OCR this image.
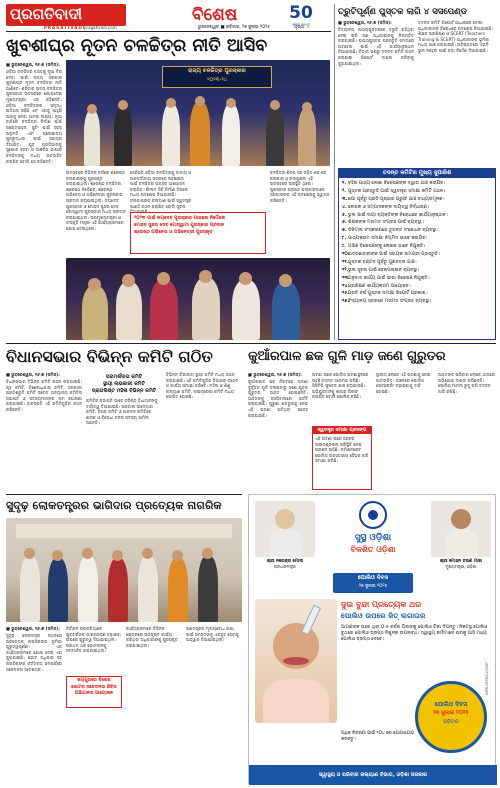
ପ୍ରଗତିବାଦୀ
PRAGATIVADI
pragativadi.com
ବିଶେଷ	50
ସୁବର୍ଣ୍ଣ ଜୟନ୍ତୀ
ଭୁବନେଶ୍ୱର ■ ରବିବାର, ୨୭ ଜୁଲାଇ ୨୦୨୫	ପୃଷ୍ଠା: ୯
ଖୁବଶୀଘ୍ର ନୂତନ ଚଳଚ୍ଚିତ୍ର ନୀତି ଆସିବ

■ ଭୁବନେଶ୍ୱର, ୨୬।୭ (ସମିସ):

ଓଡ଼ିଆ ଚଳଚ୍ଚିତ୍ର ଜଗତକୁ ନୂଆ ଦିଗ ଦେବା ପାଇଁ ରାଜ୍ୟ ସରକାର ଖୁବଶୀଘ୍ର ନୂତନ ଚଳଚ୍ଚିତ୍ର ନୀତି ଆଣିବେ। ଶନିବାର ରାଜ୍ୟ ଚଳଚ୍ଚିତ୍ର ପୁରସ୍କାର ଉତ୍ସବରେ ଯୋଗଦେଇ ମୁଖ୍ୟମନ୍ତ୍ରୀ ଏହା କହିଛନ୍ତି। ଓଡ଼ିଆ ଚଳଚ୍ଚିତ୍ରର ସମୃଦ୍ଧ ଇତିହାସ ରହିଛି ଏବଂ ଏହାକୁ ଆହୁରି ଆଗକୁ ନେବା ଆମର ଲକ୍ଷ୍ୟ। ନୂଆ ନୀତିରେ ଚଳଚ୍ଚିତ୍ର ନିର୍ମାଣ ପାଇଁ ପ୍ରୋତ୍ସାହନ, ସୁଟିଂ ପାଇଁ ସହଜ ଅନୁମତି ଏବଂ ପ୍ରେକ୍ଷାଳୟ ପୁନରୁଦ୍ଧାର ପାଇଁ ସହାୟତା ଦିଆଯିବ। ଯୁବ ପ୍ରତିଭାଙ୍କୁ ସୁଯୋଗ ଦେବା ଓ ଆଞ୍ଚଳିକ ଭାଷାର ଚଳଚ୍ଚିତ୍ରକୁ ମଧ୍ୟ ଉତ୍ସାହିତ କରାଯିବ ବୋଲି ସେ କହିଛନ୍ତି।

ରାଜ୍ୟ ଚଳଚ୍ଚିତ୍ର ପୁରସ୍କାର
୨୦୨୩-୨୪
ଉତ୍ସବରେ ବିଭିନ୍ନ ବର୍ଗରେ ଶ୍ରେଷ୍ଠ କଳାକାରଙ୍କୁ ପୁରସ୍କୃତ କରାଯାଇଥିଲା। ଶ୍ରେଷ୍ଠ ଚଳଚ୍ଚିତ୍ର, ଶ୍ରେଷ୍ଠ ନିର୍ଦ୍ଦେଶକ, ଶ୍ରେଷ୍ଠ ଅଭିନେତା ଓ ଅଭିନେତ୍ରୀ ପୁରସ୍କାର ପ୍ରଦାନ କରାଯାଇଥିଲା। ଜୟଦେବ ପୁରସ୍କାର ଓ ମୋହନ ସୁନ୍ଦର ଦେବ ଗୋସ୍ୱାମୀ ପୁରସ୍କାର ମଧ୍ୟ ପ୍ରଦାନ କରାଯାଇଥିଲା। ଉପମୁଖ୍ୟମନ୍ତ୍ରୀ ଓ ସଂସ୍କୃତି ମନ୍ତ୍ରୀ ଏହି କାର୍ଯ୍ୟକ୍ରମରେ ଯୋଗ ଦେଇଥିଲେ।
ସେହିପରି ଓଡ଼ିଆ ଚଳଚ୍ଚିତ୍ରକୁ ଜାତୀୟ ଓ ଆନ୍ତର୍ଜାତୀୟ ସ୍ତରରେ ପହଞ୍ଚାଇବା ପାଇଁ ଚଳଚ୍ଚିତ୍ର ଉତ୍ସବ ଆୟୋଜନ କରାଯିବ। ଫିଲ୍ମ ସିଟି ନିର୍ମାଣ ଦିଗରେ ମଧ୍ୟ ପଦକ୍ଷେପ ନିଆଯାଉଛି। କଳାକାରଙ୍କ କଲ୍ୟାଣ ପାଇଁ ସ୍ୱତନ୍ତ୍ର ପାଣ୍ଠି ଗଠନ କରାଯିବ ବୋଲି ସୂଚନା ଦିଆଯାଇଛି।
ଚଳଚ୍ଚିତ୍ର ଶିଳ୍ପ ସହ ଜଡ଼ିତ ଶହ ଶହ କଳାକାର ଓ କଳାକୁଶଳୀ ଏହି ଉତ୍ସବରେ ଉପସ୍ଥିତ ଥିଲେ। ପୁରସ୍କାର ପ୍ରାପ୍ତ କଳାକାରମାନେ ସରକାରଙ୍କ ଏହି ପଦକ୍ଷେପକୁ ସ୍ୱାଗତ କରିଛନ୍ତି।
୨୦୨୩ ପାଇଁ ଜୟଦେବ ପୁରସ୍କାର ପାଇଲେ ନିର୍ଦ୍ଦେଶକ
ମୋହନ ସୁନ୍ଦର ଦେବ ଗୋସ୍ୱାମୀ ପୁରସ୍କାର ପ୍ରଦାନ
ଶ୍ରେଷ୍ଠ ଅଭିନେତା ଓ ଅଭିନେତ୍ରୀ ପୁରସ୍କୃତ
ତ୍ରୁଟିପୂର୍ଣ୍ଣ ପୁସ୍ତକ ଲାଗି ୪ ସସପେଣ୍ଡ

■ ଭୁବନେଶ୍ୱର, ୨୬।୭ (ସମିସ):

ବିଦ୍ୟାଳୟ ପାଠ୍ୟପୁସ୍ତକରେ ତ୍ରୁଟି ରହିଥିବା ନେଇ ଚାରି ଜଣ ଅଧିକାରୀଙ୍କୁ ନିଲମ୍ବିତ କରାଯାଇଛି। ପାଠ୍ୟପୁସ୍ତକ ପ୍ରସ୍ତୁତି ସମୟରେ ଅବହେଳା ପାଇଁ ଏହି କାର୍ଯ୍ୟାନୁଷ୍ଠାନ ନିଆଯାଇଛି। ବିଭାଗ ପକ୍ଷରୁ ତଦନ୍ତ କମିଟି ଗଠନ କରାଯାଇ ରିପୋର୍ଟ ଦାଖଲ କରିବାକୁ କୁହାଯାଇଥିଲା।

ତଦନ୍ତ କମିଟି ରିପୋର୍ଟ ଆଧାରରେ ଦୋଷୀ ଅଧିକାରୀଙ୍କ ବିରୋଧରେ ପଦକ୍ଷେପ ନିଆଯାଇଛି। ଶିକ୍ଷକ ପ୍ରଶିକ୍ଷଣ ଓ SCERT (Teachers Training & SCERT) ଅଧିକାରୀଙ୍କ ଭୂମିକା ମଧ୍ୟ ଯାଞ୍ଚ କରାଯାଉଛି। ଭବିଷ୍ୟତରେ ଏଭଳି ଭୁଲ ନହେବା ପାଇଁ କଡ଼ା ନିର୍ଦ୍ଦେଶ ଦିଆଯାଇଛି।
ତଦନ୍ତ କମିଟିର ମୁଖ୍ୟ ସୁପାରିଶ
୧. ବହିର ପାଠ୍ୟ ଲେଖା ବିଶେଷଜ୍ଞଙ୍କ ଦ୍ୱାରା ଯାଞ୍ଚ କରାଯିବ।
୨. ପୁସ୍ତକ ପ୍ରସ୍ତୁତି ପାଇଁ ସ୍ୱତନ୍ତ୍ର ସମୀକ୍ଷା କମିଟି ଗଠନ।
୩. ଛପା ପୂର୍ବରୁ ପ୍ରତି ପୃଷ୍ଠାର ପ୍ରୁଫ ଯାଞ୍ଚ ବାଧ୍ୟତାମୂଳକ।
୪. ଲେଖକ ଓ ସମ୍ପାଦକଙ୍କ ଦାୟିତ୍ୱ ନିର୍ଦ୍ଧାରଣ।
୫. ଭୁଲ ପାଇଁ ଦାୟୀ ବ୍ୟକ୍ତିଙ୍କ ବିରୋଧରେ କାର୍ଯ୍ୟାନୁଷ୍ଠାନ।
୬. ଶିକ୍ଷକଙ୍କ ମତାମତ ସଂଗ୍ରହ ପାଇଁ ବ୍ୟବସ୍ଥା।
୭. ଡିଜିଟାଲ ସଂସ୍କରଣରେ ତୁରନ୍ତ ସଂଶୋଧନ ବ୍ୟବସ୍ଥା।
୮. ପାଠ୍ୟକ୍ରମ ସମୀକ୍ଷା ନିୟମିତ ଭାବେ କରାଯିବ।
୯. ଅଭିଜ୍ଞ ବିଶେଷଜ୍ଞଙ୍କୁ ଲେଖକ ଭାବେ ନିଯୁକ୍ତି।
୧୦.
ଛାତ୍ରଛାତ୍ରୀଙ୍କ ପାଇଁ ସହାୟକ ସାମଗ୍ରୀ ପ୍ରସ୍ତୁତି।
୧୧. ପୁସ୍ତକ ବଣ୍ଟନ ପୂର୍ବରୁ ଗୁଣବତ୍ତା ଯାଞ୍ଚ।
୧୨. ଭୁଲ ସୂଚନା ପାଇଁ ହେଲ୍ପଲାଇନ ବ୍ୟବସ୍ଥା।
୧୩.
ଅନୁବାଦ କାର୍ଯ୍ୟ ପାଇଁ ଭାଷା ବିଶେଷଜ୍ଞ ନିଯୁକ୍ତି।
୧୪.
ପ୍ରଶିକ୍ଷଣ କାର୍ଯ୍ୟକ୍ରମ ଆୟୋଜନ।
୧୫.
ପ୍ରତି ବର୍ଷ ପୁସ୍ତକ ସମୀକ୍ଷା ରିପୋର୍ଟ ପ୍ରକାଶ।
୧୬.
ବିଦ୍ୟାଳୟ ସ୍ତରରେ ମତାମତ ସଂଗ୍ରହ ବ୍ୟବସ୍ଥା।
ବିଧାନସଭାର ବିଭିନ୍ନ କମିଟି ଗଠିତ

■ ଭୁବନେଶ୍ୱର, ୨୬।୭ (ସମିସ):

ବିଧାନସଭାର ବିଭିନ୍ନ କମିଟି ଗଠନ କରାଯାଇଛି। ଗୃହ କମିଟି, ବିଶେଷାଧିକାର କମିଟି, ସରକାରୀ ପ୍ରତିଶ୍ରୁତି କମିଟି ସମେତ ଅନ୍ୟାନ୍ୟ କମିଟିର ସଭାପତି ଓ ସଦସ୍ୟମାନଙ୍କ ନାମ ଘୋଷଣା କରାଯାଇଛି। ବାଚସ୍ପତି ଏହି କମିଟିଗୁଡ଼ିକ ଗଠନ କରିଛନ୍ତି।

ପରାମର୍ଶଦାତା କମିଟି
ସ୍ଥାୟୀ ଲାଭକାରୀ କମିଟି
ପ୍ରାଗଲିଷ୍ଟ ମହିଳା ବିଭିନ୍ନ କମିଟି
କମିଟିର ସଭାପତି ଭାବେ ବରିଷ୍ଠ ବିଧାୟକଙ୍କୁ ଦାୟିତ୍ୱ ଦିଆଯାଇଛି। ସରକାରୀ ଉଦ୍ୟୋଗ କମିଟି, ହିସାବ କମିଟି ଓ ଆକଳନ କମିଟିରେ ଶାସକ ଓ ବିରୋଧୀ ଦଳର ସଦସ୍ୟ ସାମିଲ ଅଛନ୍ତି।
ବିଭିନ୍ନ ବିଭାଗୀୟ ସ୍ଥାୟୀ କମିଟି ମଧ୍ୟ ଗଠନ କରାଯାଇଛି। ଏହି କମିଟିଗୁଡ଼ିକ ବିଭାଗର ବଜେଟ ଓ କାର୍ଯ୍ୟ ସମୀକ୍ଷା କରିବେ। ମହିଳା ଓ ଶିଶୁ କଲ୍ୟାଣ କମିଟି, ଲାଇବ୍ରେରୀ କମିଟି ମଧ୍ୟ ଘୋଷିତ ହୋଇଛି।
କୁଆଁରପାଳ ଛକ ଗୁଳି ମାଡ଼ ଜଣେ ଗୁରୁତର

■ ଭୁବନେଶ୍ୱର, ୨୬।୭ (ସମିସ):

କୁଆଁରପାଳ ଛକ ନିକଟରେ ଅଜଣା ଦୁର୍ବୃତ୍ତ ଗୁଳି ଚଳାଇବାରୁ ଜଣେ ଯୁବକ ଗୁରୁତର ଆହତ ହୋଇଛନ୍ତି। ଆହତଙ୍କୁ ହସପିଟାଲରେ ଭର୍ତ୍ତି କରାଯାଇଛି। ପୁରୁଣା ଶତ୍ରୁତାକୁ ନେଇ ଏହି ଘଟଣା ଘଟିଥିବା ସନ୍ଦେହ କରାଯାଉଛି।

ଘଟଣା ପରେ ପୋଲିସ ଘଟଣାସ୍ଥଳରେ ପହଞ୍ଚି ତଦନ୍ତ ଆରମ୍ଭ କରିଛି। ସିସିଟିଭି ଫୁଟେଜ ଯାଞ୍ଚ କରାଯାଉଛି। ଅଭିଯୁକ୍ତଙ୍କୁ ଶୀଘ୍ର ଗିରଫ କରାଯିବ ବୋଲି ପୋଲିସ କହିଛି।
ସ୍ଥାନୀୟ ଲୋକେ ଏହି ଘଟଣାକୁ ନେଇ ଆତଙ୍କିତ। ଅଞ୍ଚଳରେ ପୋଲିସ ପେଟ୍ରୋଲିଂ ବଢ଼ାଇବାକୁ ଦାବି ହୋଇଛି।
ଆହତଙ୍କ ପରିବାର ଲୋକେ ଥାନାରେ ଅଭିଯୋଗ ଦାଖଲ କରିଛନ୍ତି। ପୋଲିସ ମାମଲା ରୁଜୁ କରି ତଦନ୍ତ ଜାରି ରଖିଛି।
ସ୍ୱତନ୍ତ୍ର ସମୀକ୍ଷା ପ୍ରସଙ୍ଗ
ଏହି ଘଟଣା ପରେ ସହରର ଆଇନଶୃଙ୍ଖଳା ପରିସ୍ଥିତି ନେଇ ପ୍ରଶ୍ନ ଉଠିଛି। କମିଶନରେଟ ପୋଲିସ ଉଚ୍ଚସ୍ତରୀୟ ବୈଠକ କରି ସମୀକ୍ଷା କରିଛି।
ସୁଦୃଢ଼ ଲୋକତନ୍ତ୍ରର ଭାଗିଦାର ପ୍ରତ୍ୟେକ ନାଗରିକ

■ ଭୁବନେଶ୍ୱର, ୨୬।୭ (ସମିସ):

ସୁଦୃଢ଼ ଲୋକତନ୍ତ୍ର ଗଠନରେ ପ୍ରତ୍ୟେକ ନାଗରିକଙ୍କ ଭୂମିକା ଗୁରୁତ୍ୱପୂର୍ଣ୍ଣ। ଏକ କାର୍ଯ୍ୟକ୍ରମରେ ଯୋଗ ଦେଇ ଏହା କୁହାଯାଇଛି। ଭୋଟ ଅଧିକାର ସହ ନାଗରିକଙ୍କ କର୍ତ୍ତବ୍ୟ ସମ୍ପର୍କରେ ସଚେତନତା ଆବଶ୍ୟକ।

ନିର୍ବାଚନ ପ୍ରକ୍ରିୟାରେ ଯୁବବର୍ଗଙ୍କ ଅଂଶଗ୍ରହଣ ବଢ଼ାଇବା ଉପରେ ଗୁରୁତ୍ୱ ଦିଆଯାଇଥିଲା। ପ୍ରଥମ ଥର ଭୋଟରଙ୍କୁ ସମ୍ମାନିତ କରାଯାଇଥିଲା।
ଜୟପୁରରେ ବିଶେଷ
ଭୋଟର ସଚେତନତା ଶିବିର
ଅଭିଯାନର ଆୟୋଜନ
କାର୍ଯ୍ୟକ୍ରମରେ ବିଭିନ୍ନ କ୍ଷେତ୍ରରେ ଉତ୍କୃଷ୍ଟ କାର୍ଯ୍ୟ କରିଥିବା ଅଧିକାରୀଙ୍କୁ ପୁରସ୍କୃତ କରାଯାଇଥିଲା।
ଗଣତନ୍ତ୍ରର ମୂଲ୍ୟବୋଧ ରକ୍ଷା ପାଇଁ ସମସ୍ତଙ୍କୁ ଏକଜୁଟ ହେବାକୁ ଆହ୍ୱାନ ଦିଆଯାଇଥିଲା।
ଶ୍ରୀ ନରେନ୍ଦ୍ର ମୋଦୀ
ପ୍ରଧାନମନ୍ତ୍ରୀ
ସୁସ୍ଥ ଓଡ଼ିଶା
ବିକଶିତ ଓଡ଼ିଶା
ଶ୍ରୀ ମୋହନ ଚରଣ ମାଝୀ
ମୁଖ୍ୟମନ୍ତ୍ରୀ, ଓଡ଼ିଶା
ପୋଲିଓ ଦିବସ
୨୭ ଜୁଲାଇ ୨୦୨୫
ଦୁଇ ବୁନ୍ଦା ପ୍ରତ୍ୟେକ ଥର
ପୋଲିଓ ଉପରେ ଜିତ୍ ଲଗାତାର
ଆପଣଙ୍କ ଘରେ ଥିବା ୦-୫ ବର୍ଷର ପିଲାଙ୍କୁ ପୋଲିଓ ଟିକା ଦିଅନ୍ତୁ। ନିକଟସ୍ଥ ପୋଲିଓ ବୁଥରେ ପୋଲିଓ ଡ୍ରପ୍ସ ନିଶୁଳ୍କ ଉପଲବ୍ଧ। ସ୍ୱାସ୍ଥ୍ୟ କର୍ମୀମାନେ ଘରକୁ ଆସି ମଧ୍ୟ ପୋଲିଓ ଡ୍ରପ୍ସ ଦେବେ।
ପୋଲିଓ ଦିବସ
୨୭ ଜୁଲାଇ ୨୦୨୫
ରବିବାର
ଅଧିକ ବିବରଣୀ ପାଇଁ ୧୦୪ ରେ ଯୋଗାଯୋଗ କରନ୍ତୁ।
OIPR-1993/11/0287
ସ୍ୱାସ୍ଥ୍ୟ ଓ ପରିବାର କଲ୍ୟାଣ ବିଭାଗ, ଓଡ଼ିଶା ସରକାର
